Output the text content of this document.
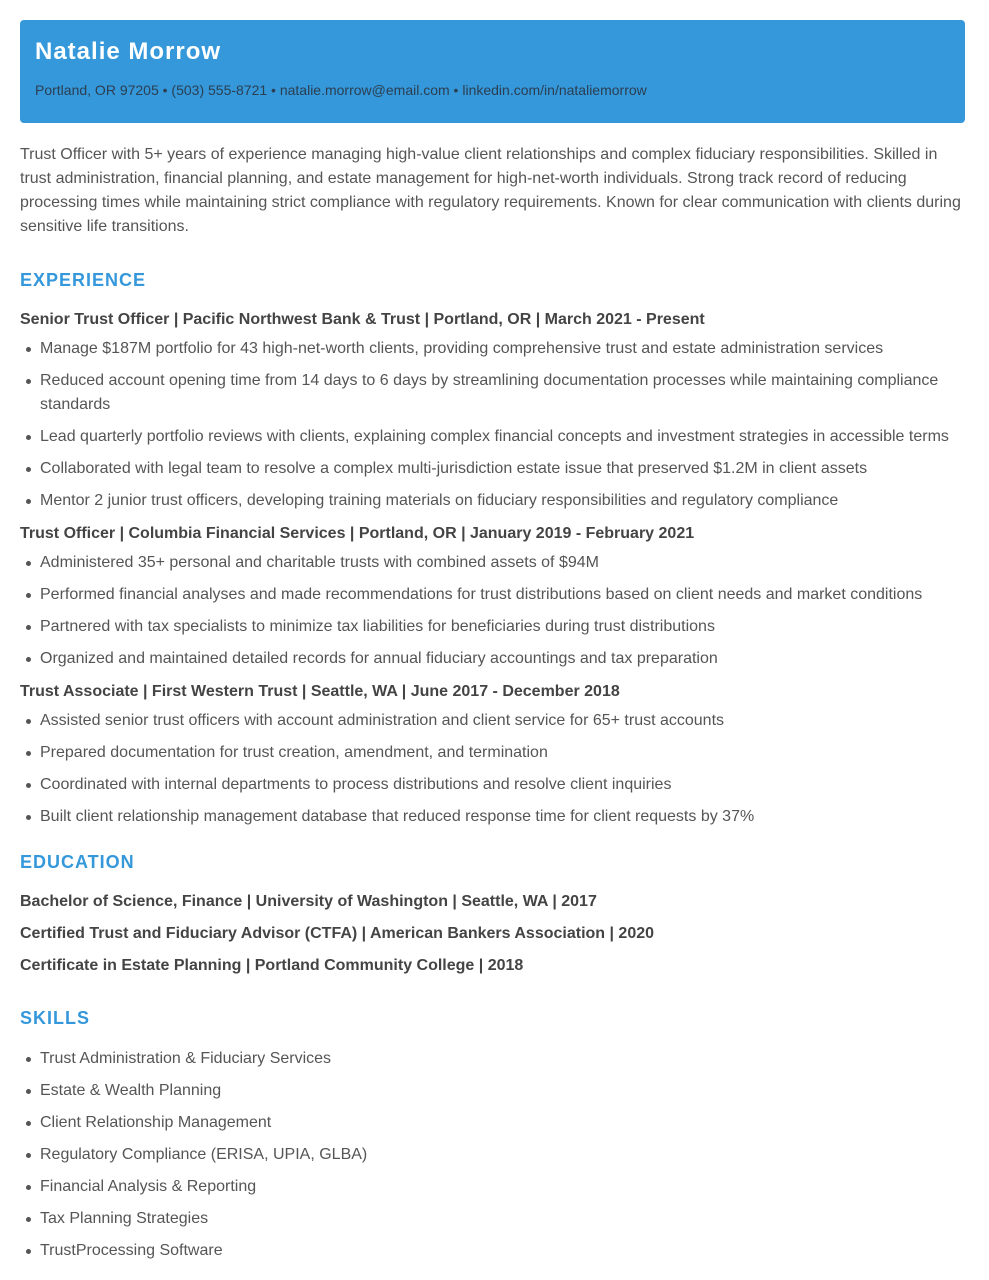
Natalie Morrow
Portland, OR 97205 • (503) 555-8721 • natalie.morrow@email.com • linkedin.com/in/nataliemorrow
Trust Officer with 5+ years of experience managing high-value client relationships and complex fiduciary responsibilities. Skilled in trust administration, financial planning, and estate management for high-net-worth individuals. Strong track record of reducing processing times while maintaining strict compliance with regulatory requirements. Known for clear communication with clients during sensitive life transitions.
EXPERIENCE
Senior Trust Officer | Pacific Northwest Bank & Trust | Portland, OR | March 2021 - Present
Manage $187M portfolio for 43 high-net-worth clients, providing comprehensive trust and estate administration services
Reduced account opening time from 14 days to 6 days by streamlining documentation processes while maintaining compliance standards
Lead quarterly portfolio reviews with clients, explaining complex financial concepts and investment strategies in accessible terms
Collaborated with legal team to resolve a complex multi-jurisdiction estate issue that preserved $1.2M in client assets
Mentor 2 junior trust officers, developing training materials on fiduciary responsibilities and regulatory compliance
Trust Officer | Columbia Financial Services | Portland, OR | January 2019 - February 2021
Administered 35+ personal and charitable trusts with combined assets of $94M
Performed financial analyses and made recommendations for trust distributions based on client needs and market conditions
Partnered with tax specialists to minimize tax liabilities for beneficiaries during trust distributions
Organized and maintained detailed records for annual fiduciary accountings and tax preparation
Trust Associate | First Western Trust | Seattle, WA | June 2017 - December 2018
Assisted senior trust officers with account administration and client service for 65+ trust accounts
Prepared documentation for trust creation, amendment, and termination
Coordinated with internal departments to process distributions and resolve client inquiries
Built client relationship management database that reduced response time for client requests by 37%
EDUCATION
Bachelor of Science, Finance | University of Washington | Seattle, WA | 2017
Certified Trust and Fiduciary Advisor (CTFA) | American Bankers Association | 2020
Certificate in Estate Planning | Portland Community College | 2018
SKILLS
Trust Administration & Fiduciary Services
Estate & Wealth Planning
Client Relationship Management
Regulatory Compliance (ERISA, UPIA, GLBA)
Financial Analysis & Reporting
Tax Planning Strategies
TrustProcessing Software
